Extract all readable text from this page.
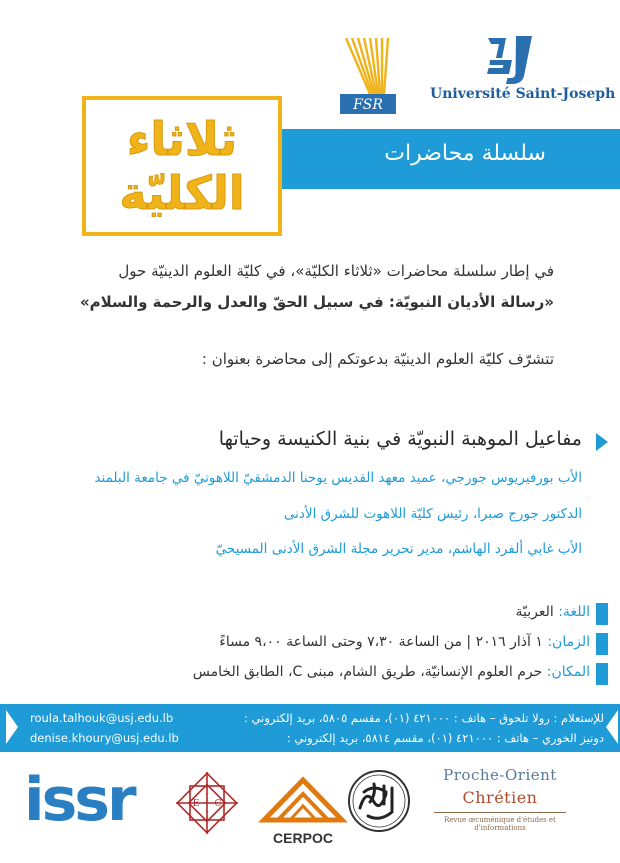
FSR
Université Saint-Joseph
ثلاثاء
الكليّة
سلسلة محاضرات
في إطار سلسلة محاضرات «ثلاثاء الكليّة»، في كليّة العلوم الدينيّة حول
«رسالة الأديان النبويّة: في سبيل الحقّ والعدل والرحمة والسلام»
تتشرّف كليّة العلوم الدينيّة بدعوتكم إلى محاضرة بعنوان :
مفاعيل الموهبة النبويّة في بنية الكنيسة وحياتها
الأب بورفيريوس جورجي، عميد معهد القديس يوحنا الدمشقيّ اللاهوتيّ في جامعة البلمند
الدكتور جورج صبرا، رئيس كليّة اللاهوت للشرق الأدنى
الأب غابي ألفرد الهاشم، مدير تحرير مجلة الشرق الأدنى المسيحيّ
اللغة: العربيّة
الزمان: ١ آذار ٢٠١٦ | من الساعة ٧،٣٠ وحتى الساعة ٩،٠٠ مساءً
المكان: حرم العلوم الإنسانيّة، طريق الشام، مبنى C، الطابق الخامس
roula.talhouk@usj.edu.lb	للإستعلام : رولا تلحوق – هاتف : ٤٢١٠٠٠ (٠١)، مقسم ٥٨٠٥، بريد إلكتروني :
denise.khoury@usj.edu.lb	دونيز الخوري – هاتف : ٤٢١٠٠٠ (٠١)، مقسم ٥٨١٤، بريد إلكتروني :
issr	I
E C
I
CERPOC
Proche-Orient
Chrétien
Revue œcuménique d'études et d'informations
